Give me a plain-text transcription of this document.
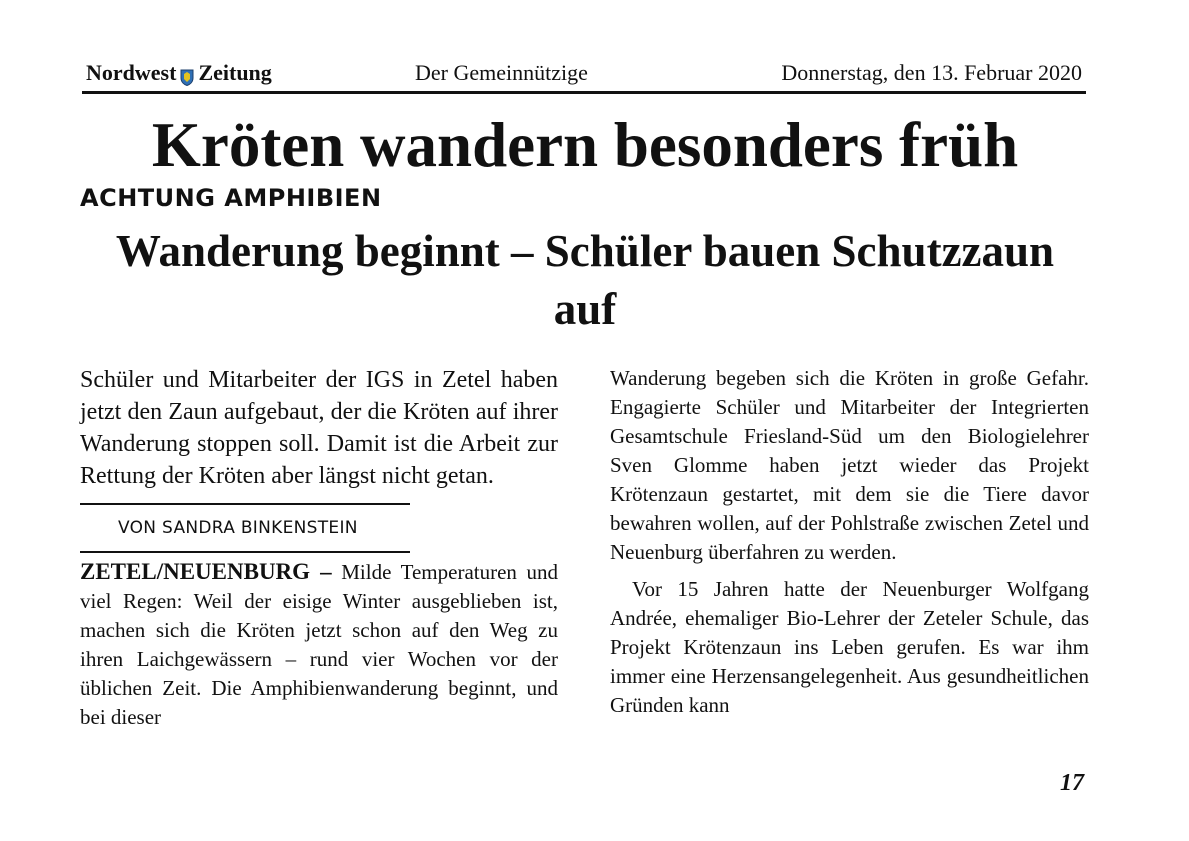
Nordwest Zeitung	Der Gemeinnützige	Donnerstag, den 13. Februar 2020
Kröten wandern besonders früh
ACHTUNG AMPHIBIEN
Wanderung beginnt – Schüler bauen Schutzzaun auf

Schüler und Mitarbeiter der IGS in Zetel haben jetzt den Zaun aufgebaut, der die Kröten auf ihrer Wanderung stoppen soll. Damit ist die Arbeit zur Rettung der Kröten aber längst nicht getan.

VON SANDRA BINKENSTEIN

ZETEL/NEUENBURG – Milde Temperaturen und viel Regen: Weil der eisige Winter ausgeblieben ist, machen sich die Kröten jetzt schon auf den Weg zu ihren Laichgewässern – rund vier Wochen vor der üblichen Zeit. Die Amphibienwanderung beginnt, und bei dieser

Wanderung begeben sich die Kröten in große Gefahr. Engagierte Schüler und Mitarbeiter der Integrierten Gesamtschule Friesland-Süd um den Biologielehrer Sven Glomme haben jetzt wieder das Projekt Krötenzaun gestartet, mit dem sie die Tiere davor bewahren wollen, auf der Pohlstraße zwischen Zetel und Neuenburg überfahren zu werden.

Vor 15 Jahren hatte der Neuenburger Wolfgang Andrée, ehemaliger Bio-Lehrer der Zeteler Schule, das Projekt Krötenzaun ins Leben gerufen. Es war ihm immer eine Herzensangelegenheit. Aus gesundheitlichen Gründen kann

17
